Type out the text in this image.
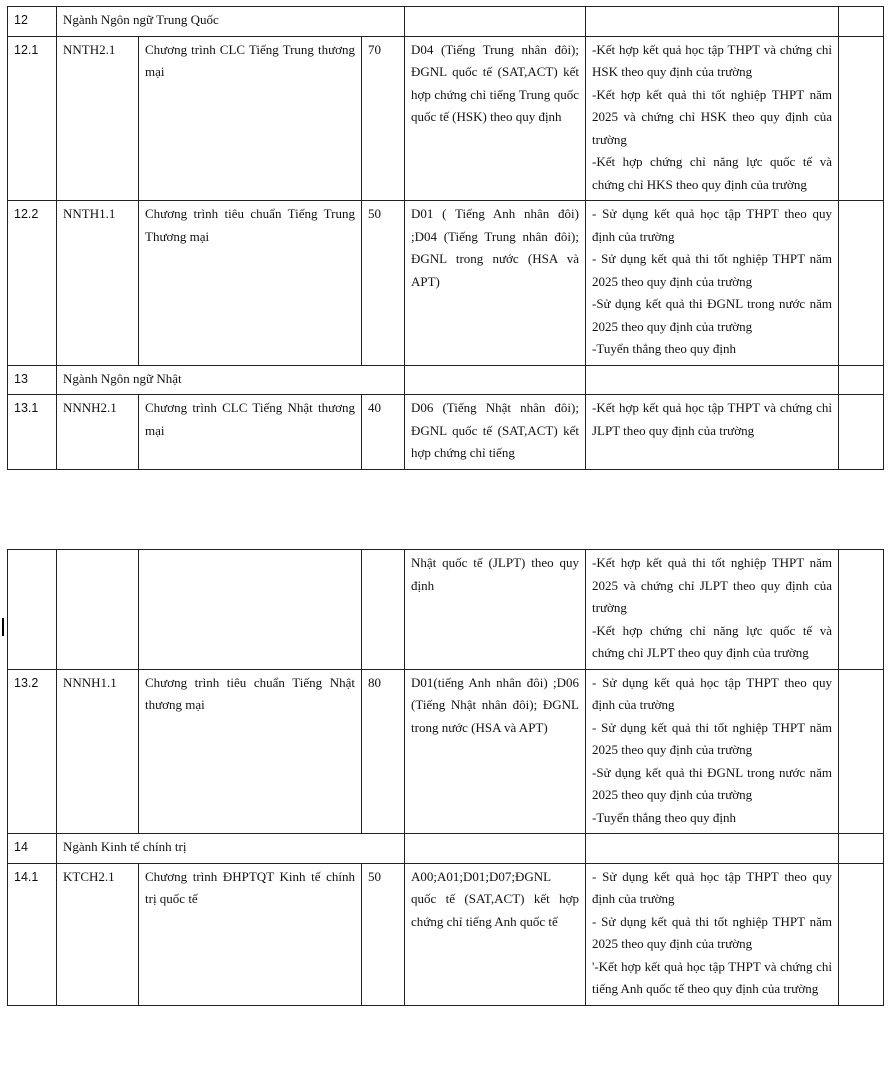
12	Ngành Ngôn ngữ Trung Quốc					
12.1	NNTH2.1	Chương trình CLC Tiếng Trung thương mại	70	D04 (Tiếng Trung nhân đôi); ĐGNL quốc tế (SAT,ACT) kết hợp chứng chỉ tiếng Trung quốc quốc tế (HSK) theo quy định	-Kết hợp kết quả học tập THPT và chứng chỉ HSK theo quy định của trường
-Kết hợp kết quả thi tốt nghiệp THPT năm 2025 và chứng chỉ HSK theo quy định của trường
-Kết hợp chứng chỉ năng lực quốc tế và chứng chỉ HKS theo quy định của trường	

12.2	NNTH1.1	Chương trình tiêu chuẩn Tiếng Trung Thương mại	50	D01 ( Tiếng Anh nhân đôi) ;D04 (Tiếng Trung nhân đôi); ĐGNL trong nước (HSA và APT)	- Sử dụng kết quả học tập THPT theo quy định của trường
- Sử dụng kết quả thi tốt nghiệp THPT năm 2025 theo quy định của trường
-Sử dụng kết quả thi ĐGNL trong nước năm 2025 theo quy định của trường
-Tuyển thẳng theo quy định	

13	Ngành Ngôn ngữ Nhật					
13.1	NNNH2.1	Chương trình CLC Tiếng Nhật thương mại	40	D06 (Tiếng Nhật nhân đôi); ĐGNL quốc tế (SAT,ACT) kết hợp chứng chỉ tiếng	-Kết hợp kết quả học tập THPT và chứng chỉ JLPT theo quy định của trường	

				Nhật quốc tế (JLPT) theo quy định	-Kết hợp kết quả thi tốt nghiệp THPT năm 2025 và chứng chỉ JLPT theo quy định của trường
-Kết hợp chứng chỉ năng lực quốc tế và chứng chỉ JLPT theo quy định của trường	

13.2	NNNH1.1	Chương trình tiêu chuẩn Tiếng Nhật thương mại	80	D01(tiếng Anh nhân đôi) ;D06 (Tiếng Nhật nhân đôi); ĐGNL trong nước (HSA và APT)	- Sử dụng kết quả học tập THPT theo quy định của trường
- Sử dụng kết quả thi tốt nghiệp THPT năm 2025 theo quy định của trường
-Sử dụng kết quả thi ĐGNL trong nước năm 2025 theo quy định của trường
-Tuyển thẳng theo quy định	

14	Ngành Kinh tế chính trị					
14.1	KTCH2.1	Chương trình ĐHPTQT Kinh tế chính trị quốc tế	50	A00;A01;D01;D07;ĐGNL quốc tế (SAT,ACT) kết hợp chứng chỉ tiếng Anh quốc tế	- Sử dụng kết quả học tập THPT theo quy định của trường
- Sử dụng kết quả thi tốt nghiệp THPT năm 2025 theo quy định của trường
'-Kết hợp kết quả học tập THPT và chứng chỉ tiếng Anh quốc tế theo quy định của trường	
